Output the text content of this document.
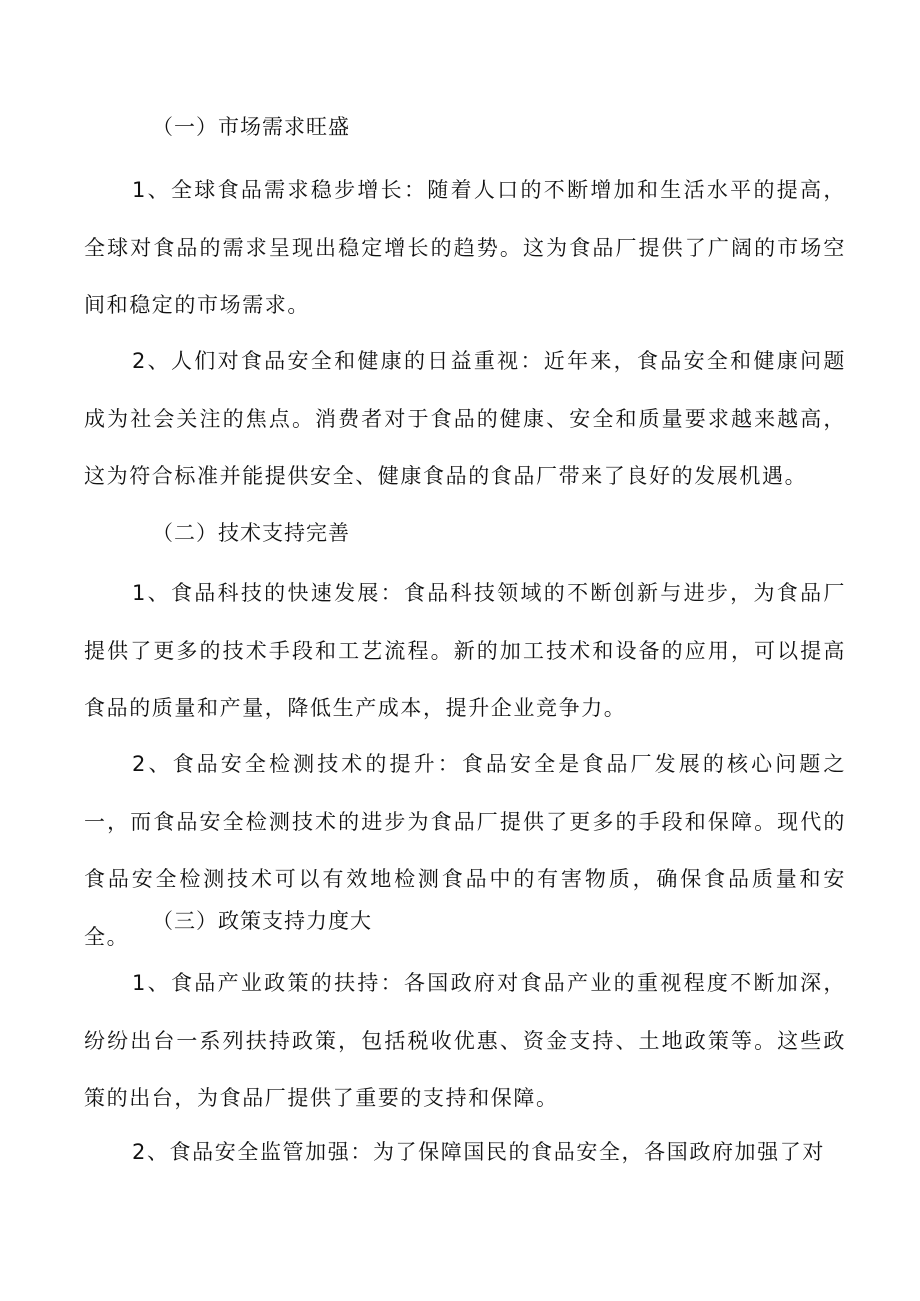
（一）市场需求旺盛

1、全球食品需求稳步增长：随着人口的不断增加和生活水平的提高，全球对食品的需求呈现出稳定增长的趋势。这为食品厂提供了广阔的市场空间和稳定的市场需求。

2、人们对食品安全和健康的日益重视：近年来，食品安全和健康问题成为社会关注的焦点。消费者对于食品的健康、安全和质量要求越来越高，这为符合标准并能提供安全、健康食品的食品厂带来了良好的发展机遇。

（二）技术支持完善

1、食品科技的快速发展：食品科技领域的不断创新与进步，为食品厂提供了更多的技术手段和工艺流程。新的加工技术和设备的应用，可以提高食品的质量和产量，降低生产成本，提升企业竞争力。

2、食品安全检测技术的提升：食品安全是食品厂发展的核心问题之一，而食品安全检测技术的进步为食品厂提供了更多的手段和保障。现代的食品安全检测技术可以有效地检测食品中的有害物质，确保食品质量和安全。

（三）政策支持力度大

1、食品产业政策的扶持：各国政府对食品产业的重视程度不断加深，纷纷出台一系列扶持政策，包括税收优惠、资金支持、土地政策等。这些政策的出台，为食品厂提供了重要的支持和保障。

2、食品安全监管加强：为了保障国民的食品安全，各国政府加强了对
